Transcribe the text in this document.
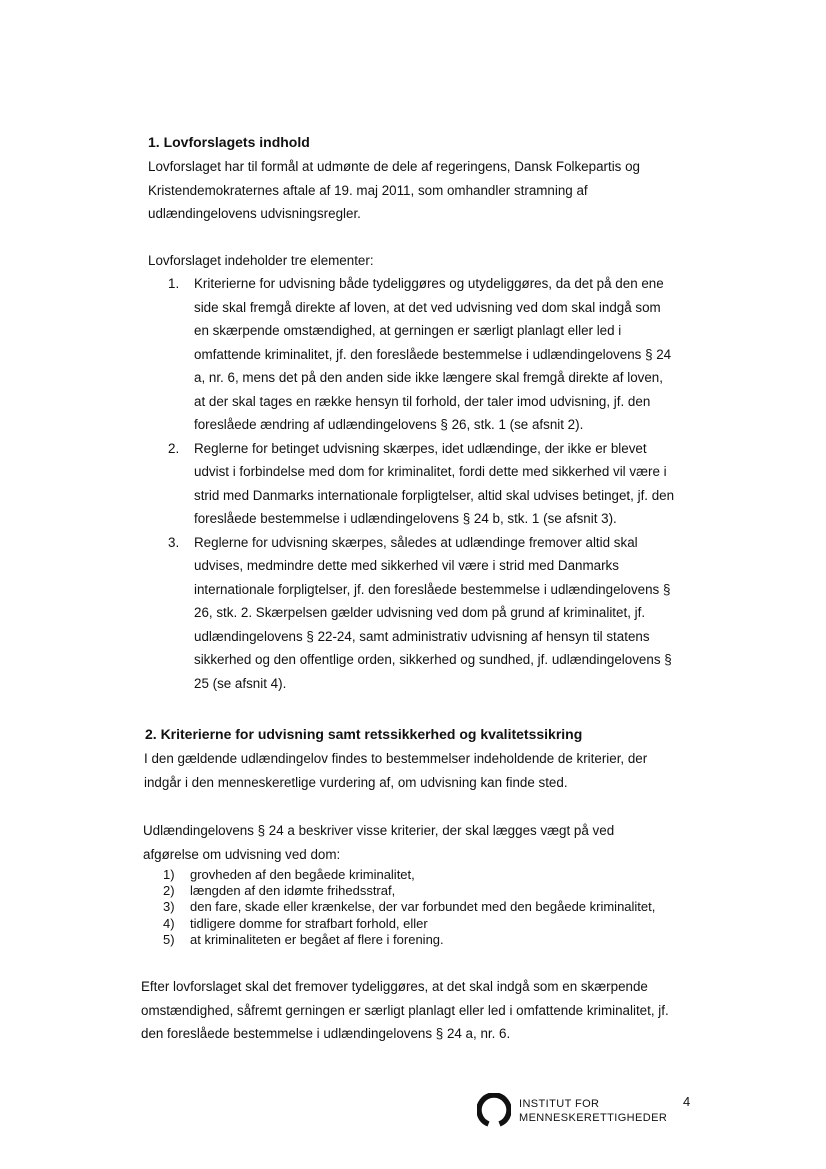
1. Lovforslagets indhold
Lovforslaget har til formål at udmønte de dele af regeringens, Dansk Folkepartis og
Kristendemokraternes aftale af 19. maj 2011, som omhandler stramning af
udlændingelovens udvisningsregler.
Lovforslaget indeholder tre elementer:
1. Kriterierne for udvisning både tydeliggøres og utydeliggøres, da det på den ene
side skal fremgå direkte af loven, at det ved udvisning ved dom skal indgå som
en skærpende omstændighed, at gerningen er særligt planlagt eller led i
omfattende kriminalitet, jf. den foreslåede bestemmelse i udlændingelovens § 24
a, nr. 6, mens det på den anden side ikke længere skal fremgå direkte af loven,
at der skal tages en række hensyn til forhold, der taler imod udvisning, jf. den
foreslåede ændring af udlændingelovens § 26, stk. 1 (se afsnit 2).
2. Reglerne for betinget udvisning skærpes, idet udlændinge, der ikke er blevet
udvist i forbindelse med dom for kriminalitet, fordi dette med sikkerhed vil være i
strid med Danmarks internationale forpligtelser, altid skal udvises betinget, jf. den
foreslåede bestemmelse i udlændingelovens § 24 b, stk. 1 (se afsnit 3).
3. Reglerne for udvisning skærpes, således at udlændinge fremover altid skal
udvises, medmindre dette med sikkerhed vil være i strid med Danmarks
internationale forpligtelser, jf. den foreslåede bestemmelse i udlændingelovens §
26, stk. 2. Skærpelsen gælder udvisning ved dom på grund af kriminalitet, jf.
udlændingelovens § 22-24, samt administrativ udvisning af hensyn til statens
sikkerhed og den offentlige orden, sikkerhed og sundhed, jf. udlændingelovens §
25 (se afsnit 4).
2. Kriterierne for udvisning samt retssikkerhed og kvalitetssikring
I den gældende udlændingelov findes to bestemmelser indeholdende de kriterier, der
indgår i den menneskeretlige vurdering af, om udvisning kan finde sted.
Udlændingelovens § 24 a beskriver visse kriterier, der skal lægges vægt på ved
afgørelse om udvisning ved dom:
1) grovheden af den begåede kriminalitet,
2) længden af den idømte frihedsstraf,
3) den fare, skade eller krænkelse, der var forbundet med den begåede kriminalitet,
4) tidligere domme for strafbart forhold, eller
5) at kriminaliteten er begået af flere i forening.
Efter lovforslaget skal det fremover tydeliggøres, at det skal indgå som en skærpende
omstændighed, såfremt gerningen er særligt planlagt eller led i omfattende kriminalitet, jf.
den foreslåede bestemmelse i udlændingelovens § 24 a, nr. 6.
INSTITUT FOR
MENNESKERETTIGHEDER
4
